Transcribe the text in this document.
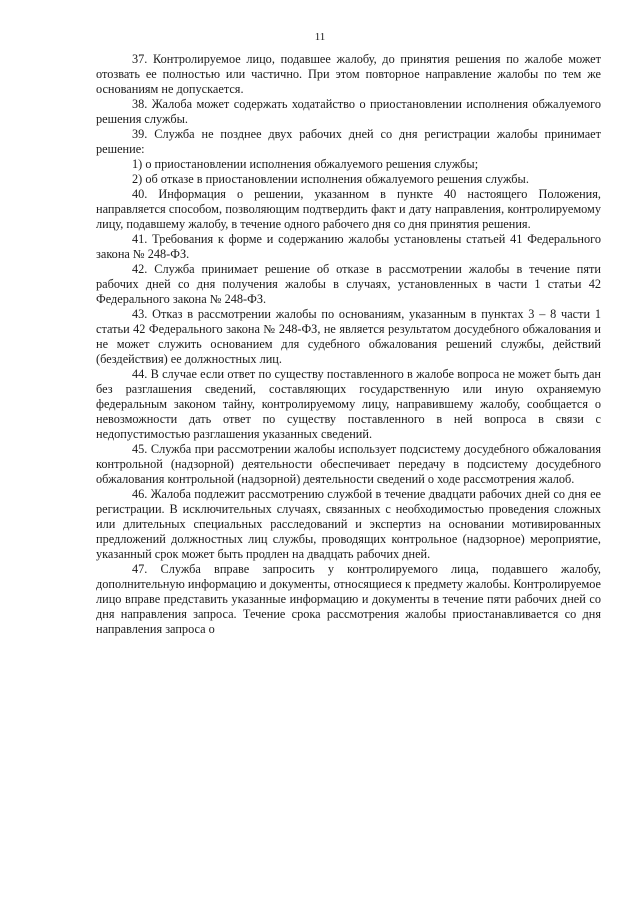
11

37. Контролируемое лицо, подавшее жалобу, до принятия решения по жалобе может отозвать ее полностью или частично. При этом повторное направление жалобы по тем же основаниям не допускается.

38. Жалоба может содержать ходатайство о приостановлении исполнения обжалуемого решения службы.

39. Служба не позднее двух рабочих дней со дня регистрации жалобы принимает решение:

1) о приостановлении исполнения обжалуемого решения службы;

2) об отказе в приостановлении исполнения обжалуемого решения службы.

40. Информация о решении, указанном в пункте 40 настоящего Положения, направляется способом, позволяющим подтвердить факт и дату направления, контролируемому лицу, подавшему жалобу, в течение одного рабочего дня со дня принятия решения.

41. Требования к форме и содержанию жалобы установлены статьей 41 Федерального закона № 248-ФЗ.

42. Служба принимает решение об отказе в рассмотрении жалобы в течение пяти рабочих дней со дня получения жалобы в случаях, установленных в части 1 статьи 42 Федерального закона № 248-ФЗ.

43. Отказ в рассмотрении жалобы по основаниям, указанным в пунктах 3 – 8 части 1 статьи 42 Федерального закона № 248-ФЗ, не является результатом досудебного обжалования и не может служить основанием для судебного обжалования решений службы, действий (бездействия) ее должностных лиц.

44. В случае если ответ по существу поставленного в жалобе вопроса не может быть дан без разглашения сведений, составляющих государственную или иную охраняемую федеральным законом тайну, контролируемому лицу, направившему жалобу, сообщается о невозможности дать ответ по существу поставленного в ней вопроса в связи с недопустимостью разглашения указанных сведений.

45. Служба при рассмотрении жалобы использует подсистему досудебного обжалования контрольной (надзорной) деятельности обеспечивает передачу в подсистему досудебного обжалования контрольной (надзорной) деятельности сведений о ходе рассмотрения жалоб.

46. Жалоба подлежит рассмотрению службой в течение двадцати рабочих дней со дня ее регистрации. В исключительных случаях, связанных с необходимостью проведения сложных или длительных специальных расследований и экспертиз на основании мотивированных предложений должностных лиц службы, проводящих контрольное (надзорное) мероприятие, указанный срок может быть продлен на двадцать рабочих дней.

47. Служба вправе запросить у контролируемого лица, подавшего жалобу, дополнительную информацию и документы, относящиеся к предмету жалобы. Контролируемое лицо вправе представить указанные информацию и документы в течение пяти рабочих дней со дня направления запроса. Течение срока рассмотрения жалобы приостанавливается со дня направления запроса о
